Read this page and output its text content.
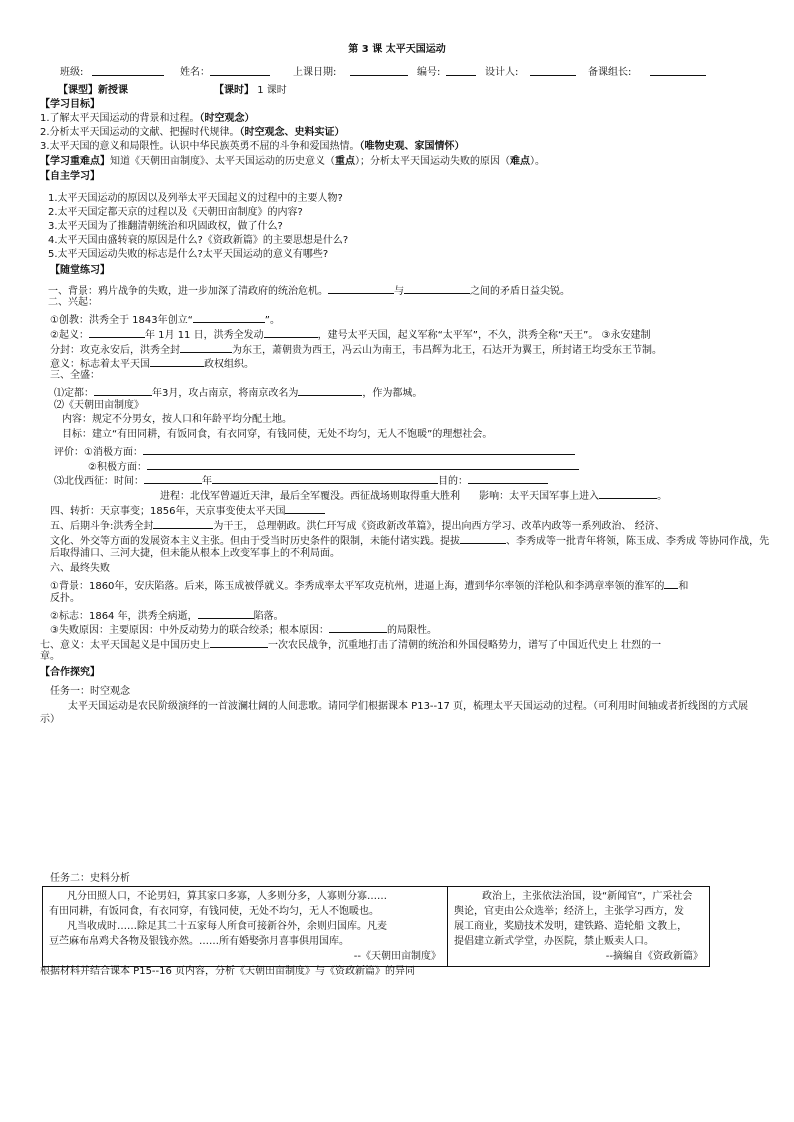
第 3 课 太平天国运动
班级:	姓名：	上课日期:	编号:	设计人:	备课组长:
【课型】新授课	【课时】 1 课时
【学习目标】
1.了解太平天国运动的背景和过程。（时空观念）
2.分析太平天国运动的文献、把握时代规律。（时空观念、史料实证）
3.太平天国的意义和局限性。认识中华民族英勇不屈的斗争和爱国热情。（唯物史观、家国情怀）
【学习重难点】知道《天朝田亩制度》、太平天国运动的历史意义（重点）；分析太平天国运动失败的原因（难点）。
【自主学习】
1.太平天国运动的原因以及列举太平天国起义的过程中的主要人物?
2.太平天国定都天京的过程以及《天朝田亩制度》的内容?
3.太平天国为了推翻清朝统治和巩固政权，做了什么?
4.太平天国由盛转衰的原因是什么?《资政新篇》的主要思想是什么?
5.太平天国运动失败的标志是什么?太平天国运动的意义有哪些?
【随堂练习】
一、背景：鸦片战争的失败，进一步加深了清政府的统治危机。	与	之间的矛盾日益尖锐。
二、兴起：
①创教：洪秀全于 1843年创立“	”。
②起义：	年 1月 11 日，洪秀全发动	，建号太平天国，起义军称“太平军”，不久，洪秀全称“天王”。 ③永安建制
分封：攻克永安后，洪秀全封	为东王，萧朝贵为西王，冯云山为南王，韦昌辉为北王，石达开为翼王，所封诸王均受东王节制。
意义：标志着太平天国	政权组织。
三、全盛：
⑴定都：	年3月，攻占南京，将南京改名为	，作为都城。
⑵《天朝田亩制度》
内容：规定不分男女，按人口和年龄平均分配土地。
目标：建立“有田同耕，有饭同食，有衣同穿，有钱同使，无处不均匀，无人不饱暖”的理想社会。
评价：①消极方面：
②积极方面：
⑶北伐西征：时间：	年	目的：
进程：北伐军曾逼近天津，最后全军覆没。西征战场则取得重大胜利 影响：太平天国军事上进入	。
四、转折：天京事变；1856年，天京事变使太平天国
五、后期斗争:洪秀全封	为干王， 总理朝政。洪仁玕写成《资政新改革篇》，提出向西方学习、改革内政等一系列政治、 经济、
文化、外交等方面的发展资本主义主张。但由于受当时历史条件的限制，未能付诸实践。提拔	、李秀成等一批青年将领，陈玉成、李秀成 等协同作战，先
后取得浦口、三河大捷，但未能从根本上改变军事上的不利局面。
六、最终失败
①背景：1860年，安庆陷落。后来，陈玉成被俘就义。李秀成率太平军攻克杭州，进逼上海，遭到华尔率领的洋枪队和李鸿章率领的淮军的 和
反扑。
②标志：1864 年，洪秀全病逝，	陷落。
③失败原因：主要原因：中外反动势力的联合绞杀；根本原因：	的局限性。
七、意义：太平天国起义是中国历史上	一次农民战争，沉重地打击了清朝的统治和外国侵略势力，谱写了中国近代史上 壮烈的一
章。
【合作探究】
任务一：时空观念
太平天国运动是农民阶级演绎的一首波澜壮阔的人间悲歌。请同学们根据课本 P13--17 页，梳理太平天国运动的过程。（可利用时间轴或者折线图的方式展示）
任务二：史料分析
凡分田照人口，不论男妇，算其家口多寡，人多则分多，人寡则分寡……
有田同耕，有饭同食，有衣同穿，有钱同使，无处不均匀，无人不饱暖也。
凡当收成时……除足其二十五家每人所食可接新谷外，余则归国库。凡麦
豆苎麻布帛鸡犬各物及银钱亦然。……所有婚娶弥月喜事俱用国库。
--《天朝田亩制度》

政治上，主张依法治国，设“新闻官”，广采社会
舆论，官吏由公众选举；经济上，主张学习西方，发
展工商业，奖励技术发明，建铁路、造轮船 文教上，
提倡建立新式学堂，办医院，禁止贩卖人口。
--摘编自《资政新篇》
根据材料并结合课本 P15--16 页内容，分析《天朝田亩制度》与《资政新篇》的异同
